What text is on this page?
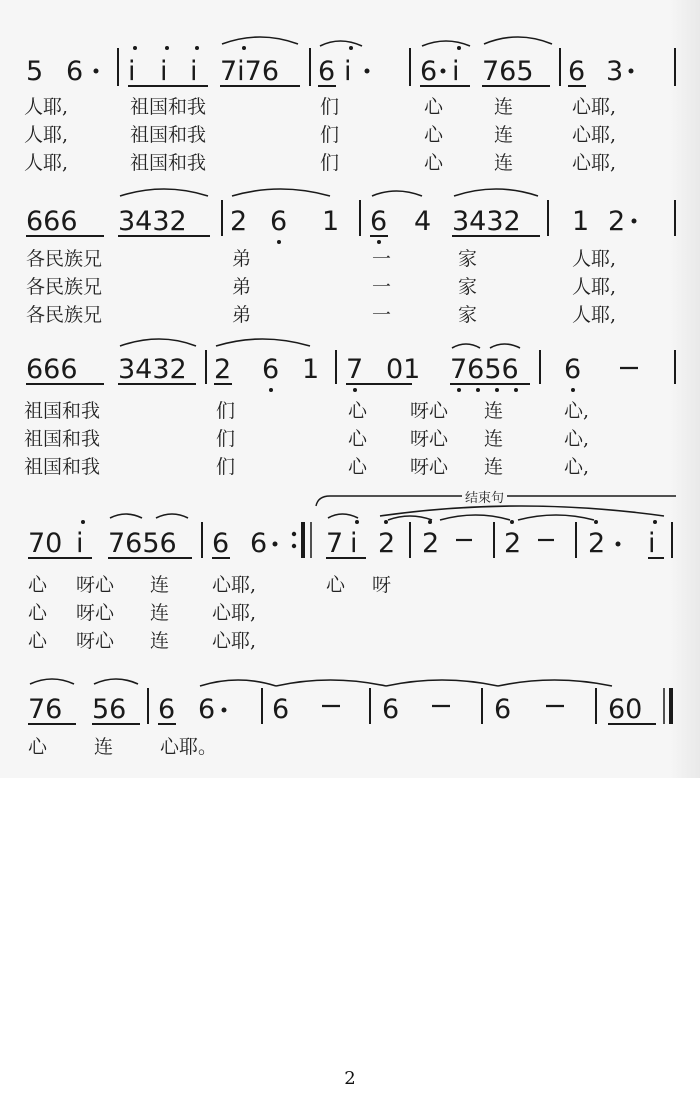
5 6 i i i 7i76 6 i	6 i 765 6 3
人耶,	祖国和我	们	心	连	心耶,
人耶,	祖国和我	们	心	连	心耶,
人耶,	祖国和我	们	心	连	心耶,
666 3432 2 6 1 6 4 3432 1 2
各民族兄	弟	一	家	人耶,
各民族兄	弟	一	家	人耶,
各民族兄	弟	一	家	人耶,
666 3432 2 6 1 7 01 7656 6
祖国和我	们	心 呀心 连	心,
祖国和我	们	心 呀心 连	心,
祖国和我	们	心 呀心 连	心,
结束句
70 i 7656 6 6 7 i 2 2 2 2 i
心 呀心 连 心耶,	心 呀
心 呀心 连 心耶,
心 呀心 连 心耶,
76 56 6 6 6	6	6	60
心 连 心耶。
2
